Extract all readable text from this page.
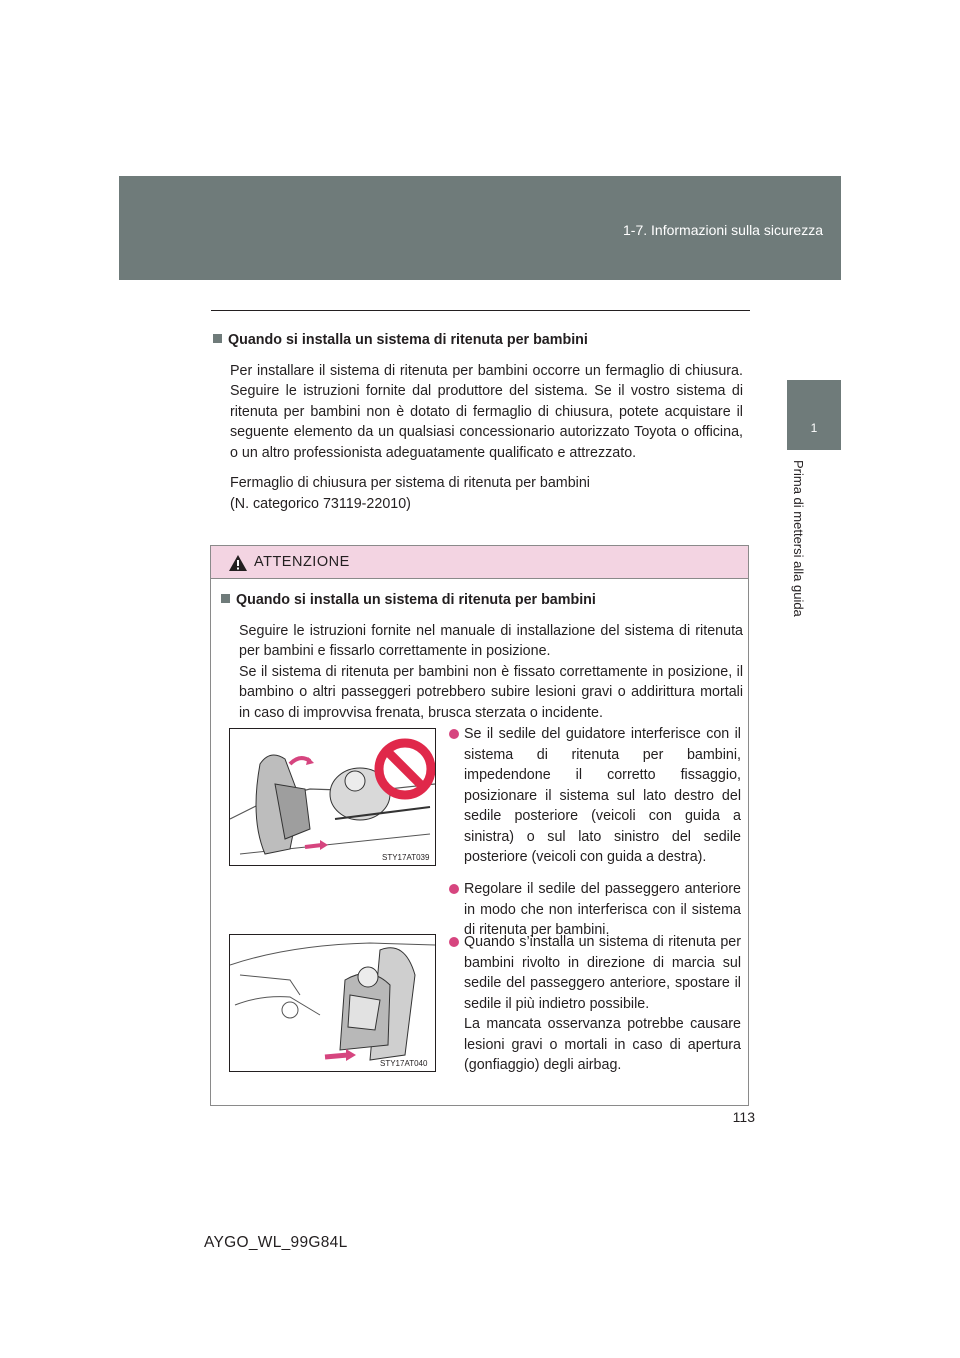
1-7. Informazioni sulla sicurezza
1
Prima di mettersi alla guida
Quando si installa un sistema di ritenuta per bambini
Per installare il sistema di ritenuta per bambini occorre un fermaglio di chiusura. Seguire le istruzioni fornite dal produttore del sistema. Se il vostro sistema di ritenuta per bambini non è dotato di fermaglio di chiusura, potete acquistare il seguente elemento da un qualsiasi concessionario autorizzato Toyota o officina, o un altro professionista adeguatamente qualificato e attrezzato.
Fermaglio di chiusura per sistema di ritenuta per bambini
(N. categorico 73119-22010)
ATTENZIONE
Quando si installa un sistema di ritenuta per bambini
Seguire le istruzioni fornite nel manuale di installazione del sistema di ritenuta per bambini e fissarlo correttamente in posizione.
Se il sistema di ritenuta per bambini non è fissato correttamente in posizione, il bambino o altri passeggeri potrebbero subire lesioni gravi o addirittura mortali in caso di improvvisa frenata, brusca sterzata o incidente.
STY17AT039
STY17AT040
Se il sedile del guidatore interferisce con il sistema di ritenuta per bambini, impedendone il corretto fissaggio, posizionare il sistema sul lato destro del sedile posteriore (veicoli con guida a sinistra) o sul lato sinistro del sedile posteriore (veicoli con guida a destra).
Regolare il sedile del passeggero anteriore in modo che non interferisca con il sistema di ritenuta per bambini.
Quando s’installa un sistema di ritenuta per bambini rivolto in direzione di marcia sul sedile del passeggero anteriore, spostare il sedile il più indietro possibile.
La mancata osservanza potrebbe causare lesioni gravi o mortali in caso di apertura (gonfiaggio) degli airbag.
113
AYGO_WL_99G84L
